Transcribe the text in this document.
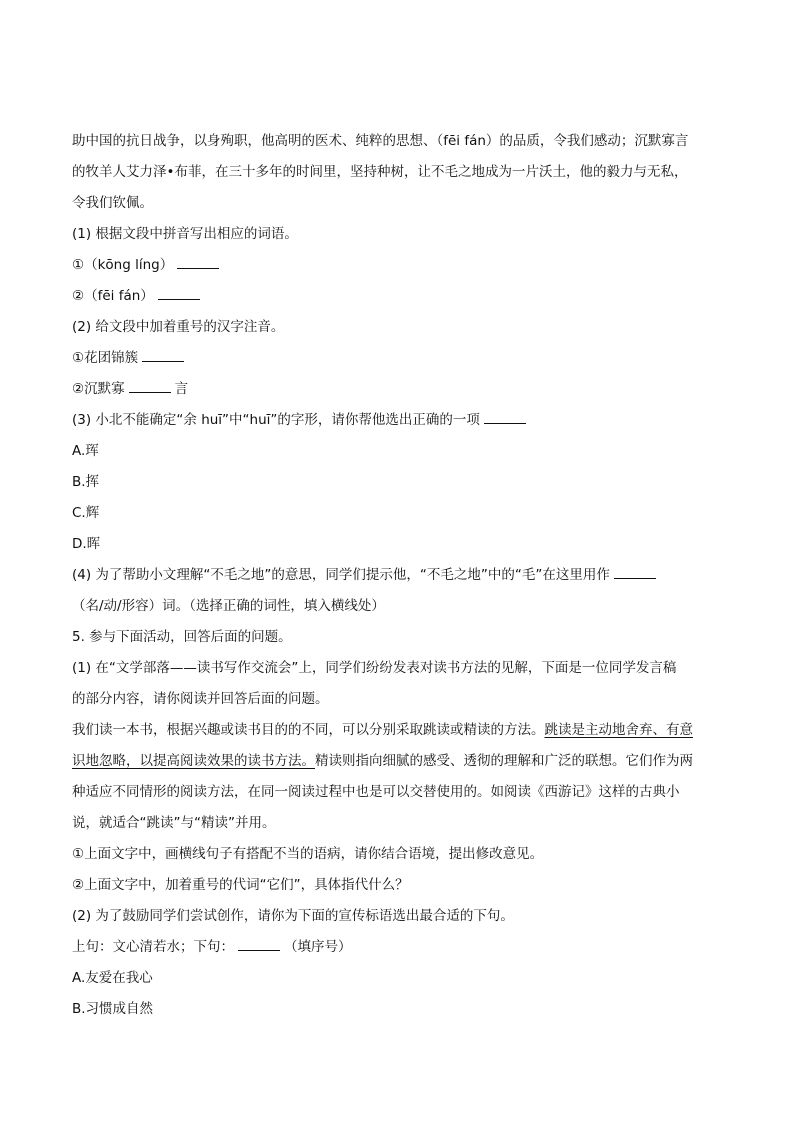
助中国的抗日战争，以身殉职，他高明的医术、纯粹的思想、（fēi fán）的品质，令我们感动；沉默寡言
的牧羊人艾力泽•布菲，在三十多年的时间里，坚持种树，让不毛之地成为一片沃土，他的毅力与无私，
令我们钦佩。
(1) 根据文段中拼音写出相应的词语。
①（kōng líng）
②（fēi fán）
(2) 给文段中加着重号的汉字注音。
①花团锦簇
②沉默寡	言
(3) 小北不能确定“余 huī”中“huī”的字形，请你帮他选出正确的一项
A.珲
B.挥
C.辉
D.晖
(4) 为了帮助小文理解“不毛之地”的意思，同学们提示他，“不毛之地”中的“毛”在这里用作
（名/动/形容）词。（选择正确的词性，填入横线处）
5. 参与下面活动，回答后面的问题。
(1) 在“文学部落——读书写作交流会”上，同学们纷纷发表对读书方法的见解，下面是一位同学发言稿
的部分内容，请你阅读并回答后面的问题。
我们读一本书，根据兴趣或读书目的的不同，可以分别采取跳读或精读的方法。跳读是主动地舍弃、有意
识地忽略，以提高阅读效果的读书方法。精读则指向细腻的感受、透彻的理解和广泛的联想。它们作为两
种适应不同情形的阅读方法，在同一阅读过程中也是可以交替使用的。如阅读《西游记》这样的古典小
说，就适合“跳读”与“精读”并用。
①上面文字中，画横线句子有搭配不当的语病，请你结合语境，提出修改意见。
②上面文字中，加着重号的代词“它们”，具体指代什么？
(2) 为了鼓励同学们尝试创作，请你为下面的宣传标语选出最合适的下句。
上句：文心清若水；下句：	（填序号）
A.友爱在我心
B.习惯成自然
